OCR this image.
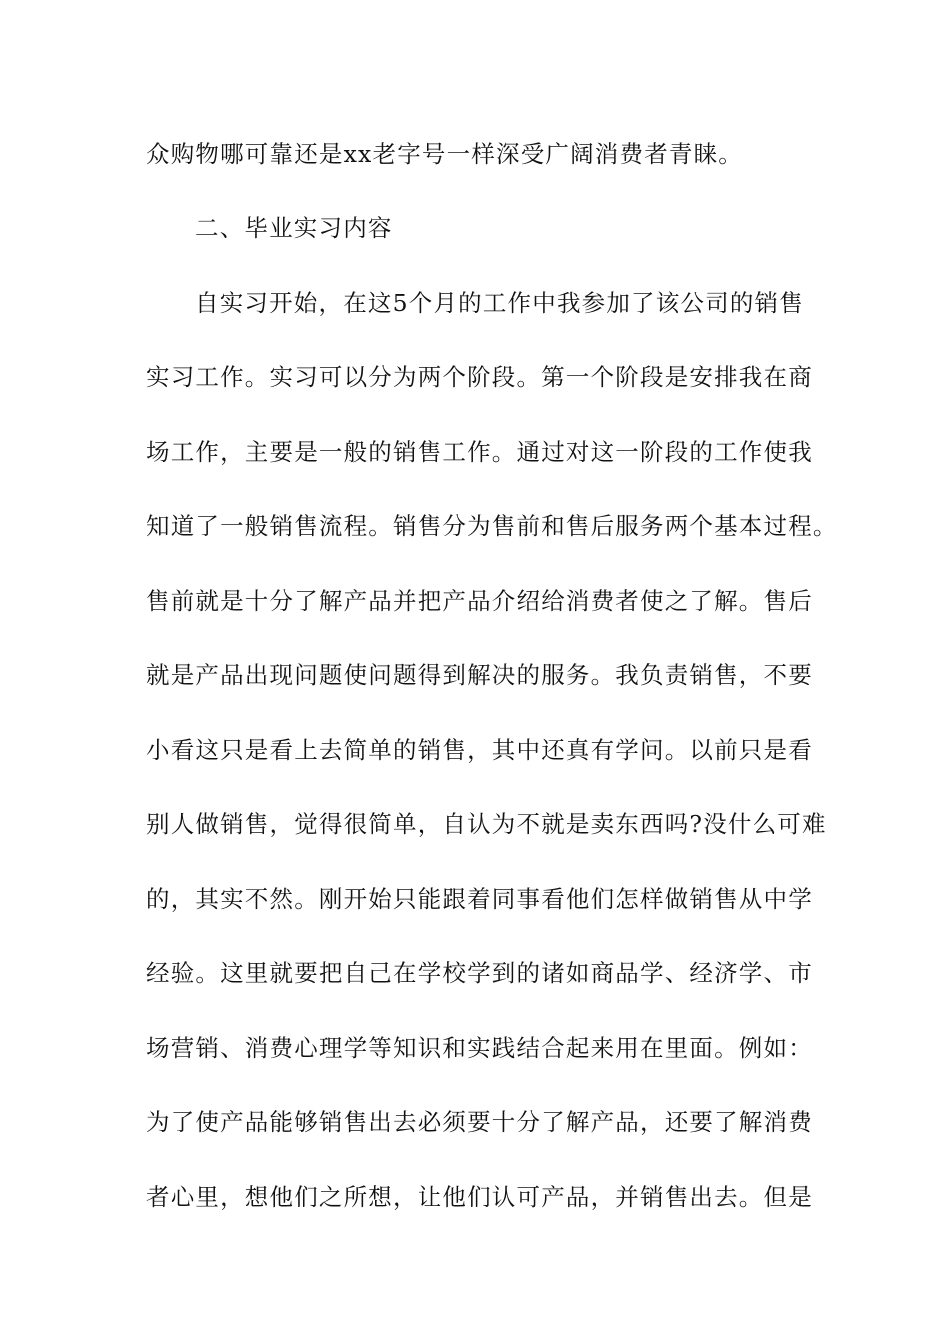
众购物哪可靠还是xx老字号一样深受广阔消费者青睐。
二、毕业实习内容
自实习开始，在这5个月的工作中我参加了该公司的销售
实习工作。实习可以分为两个阶段。第一个阶段是安排我在商
场工作，主要是一般的销售工作。通过对这一阶段的工作使我
知道了一般销售流程。销售分为售前和售后服务两个基本过程。
售前就是十分了解产品并把产品介绍给消费者使之了解。售后
就是产品出现问题使问题得到解决的服务。我负责销售，不要
小看这只是看上去简单的销售，其中还真有学问。以前只是看
别人做销售，觉得很简单，自认为不就是卖东西吗?没什么可难
的，其实不然。刚开始只能跟着同事看他们怎样做销售从中学
经验。这里就要把自己在学校学到的诸如商品学、经济学、市
场营销、消费心理学等知识和实践结合起来用在里面。例如：
为了使产品能够销售出去必须要十分了解产品，还要了解消费
者心里，想他们之所想，让他们认可产品，并销售出去。但是
